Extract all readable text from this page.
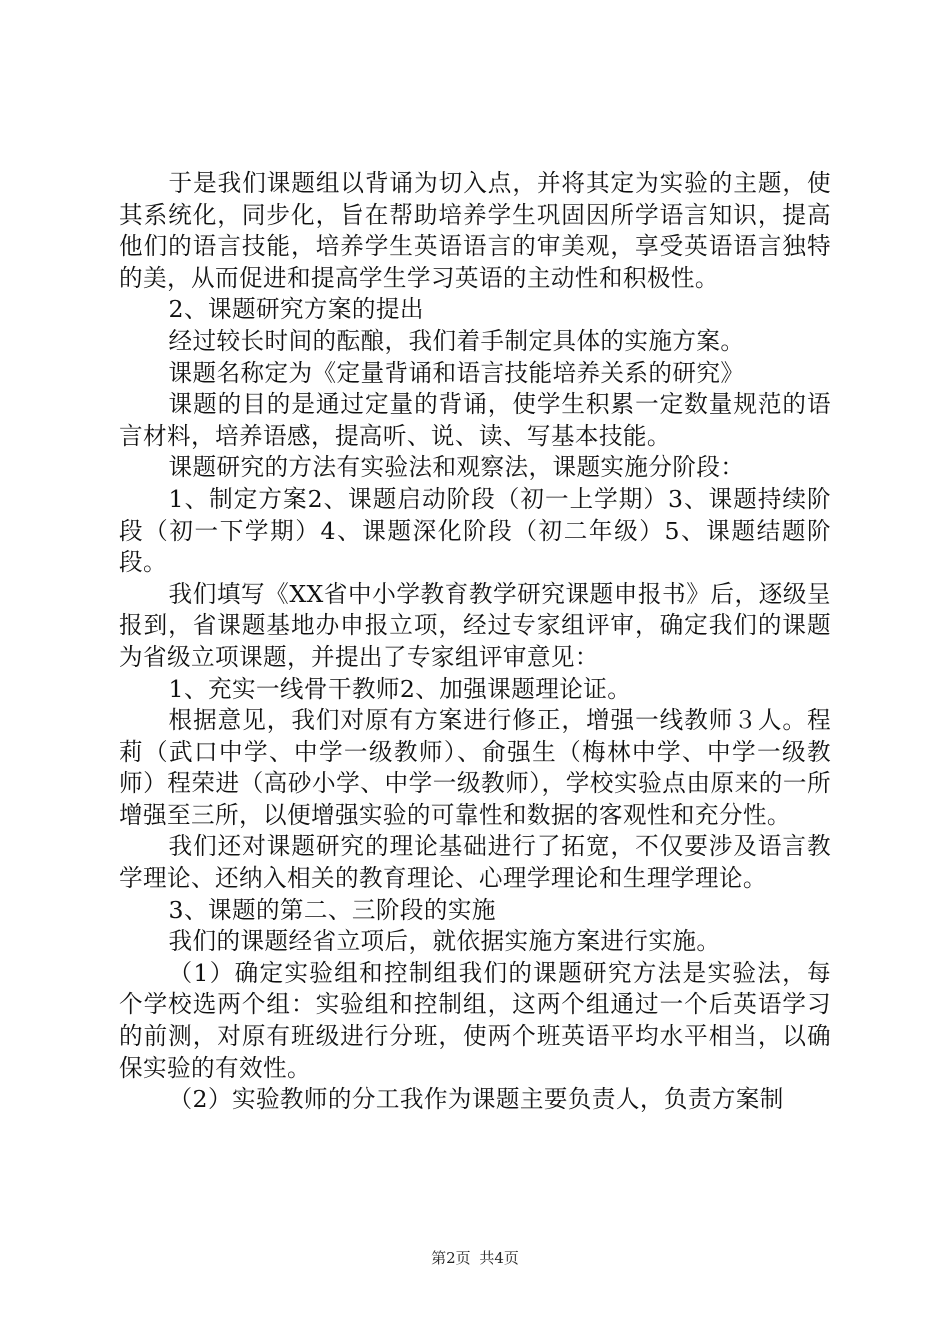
于是我们课题组以背诵为切入点，并将其定为实验的主题，使其系统化，同步化，旨在帮助培养学生巩固因所学语言知识，提高他们的语言技能，培养学生英语语言的审美观，享受英语语言独特的美，从而促进和提高学生学习英语的主动性和积极性。

2、课题研究方案的提出

经过较长时间的酝酿，我们着手制定具体的实施方案。

课题名称定为《定量背诵和语言技能培养关系的研究》

课题的目的是通过定量的背诵，使学生积累一定数量规范的语言材料，培养语感，提高听、说、读、写基本技能。

课题研究的方法有实验法和观察法，课题实施分阶段：

1、制定方案2、课题启动阶段（初一上学期）3、课题持续阶段（初一下学期）4、课题深化阶段（初二年级）5、课题结题阶段。

我们填写《XX省中小学教育教学研究课题申报书》后，逐级呈报到，省课题基地办申报立项，经过专家组评审，确定我们的课题为省级立项课题，并提出了专家组评审意见：

1、充实一线骨干教师2、加强课题理论证。

根据意见，我们对原有方案进行修正，增强一线教师３人。程莉（武口中学、中学一级教师）、俞强生（梅林中学、中学一级教师）程荣进（高砂小学、中学一级教师），学校实验点由原来的一所增强至三所，以便增强实验的可靠性和数据的客观性和充分性。

我们还对课题研究的理论基础进行了拓宽，不仅要涉及语言教学理论、还纳入相关的教育理论、心理学理论和生理学理论。

3、课题的第二、三阶段的实施

我们的课题经省立项后，就依据实施方案进行实施。

（1）确定实验组和控制组我们的课题研究方法是实验法，每个学校选两个组：实验组和控制组，这两个组通过一个后英语学习的前测，对原有班级进行分班，使两个班英语平均水平相当，以确保实验的有效性。

（2）实验教师的分工我作为课题主要负责人，负责方案制

第2页 共4页
